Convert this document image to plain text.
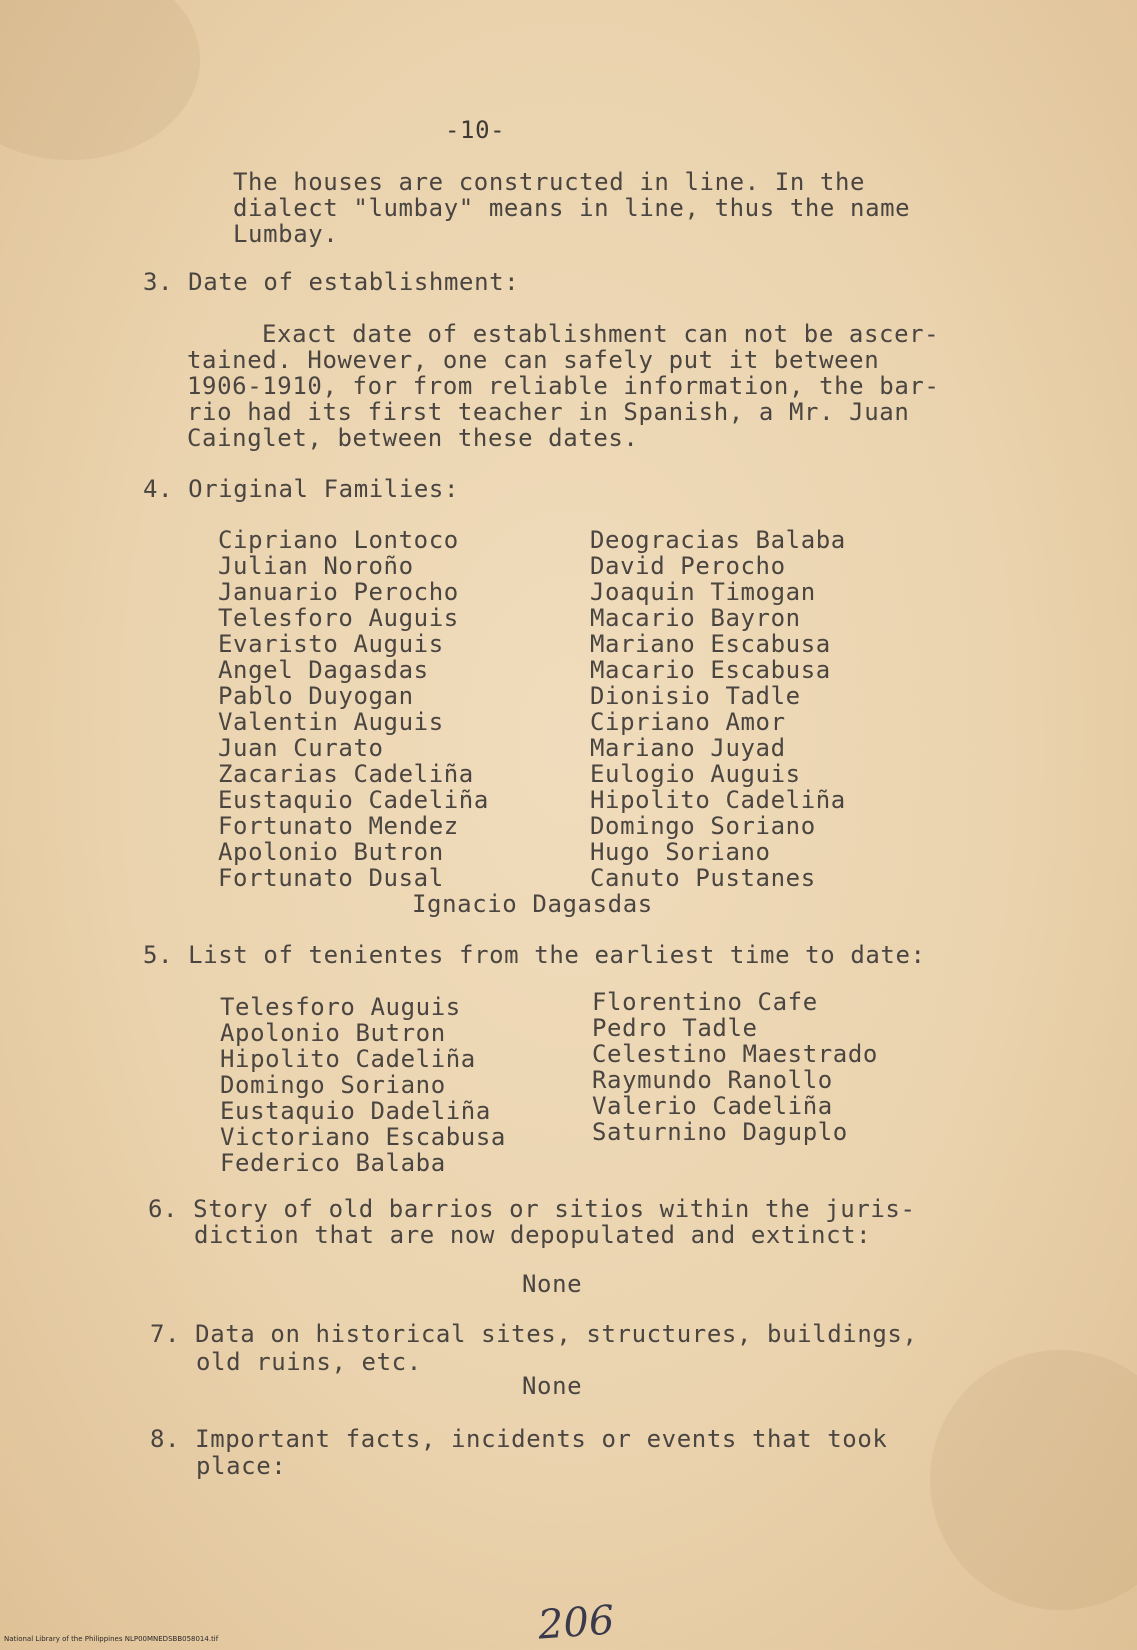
-10-
The houses are constructed in line. In the
dialect "lumbay" means in line, thus the name
Lumbay.
3. Date of establishment:
Exact date of establishment can not be ascer-
tained. However, one can safely put it between
1906-1910, for from reliable information, the bar-
rio had its first teacher in Spanish, a Mr. Juan
Cainglet, between these dates.
4. Original Families:
Cipriano Lontoco
Julian Noroño
Januario Perocho
Telesforo Auguis
Evaristo Auguis
Angel Dagasdas
Pablo Duyogan
Valentin Auguis
Juan Curato
Zacarias Cadeliña
Eustaquio Cadeliña
Fortunato Mendez
Apolonio Butron
Fortunato Dusal
Deogracias Balaba
David Perocho
Joaquin Timogan
Macario Bayron
Mariano Escabusa
Macario Escabusa
Dionisio Tadle
Cipriano Amor
Mariano Juyad
Eulogio Auguis
Hipolito Cadeliña
Domingo Soriano
Hugo Soriano
Canuto Pustanes
Ignacio Dagasdas
5. List of tenientes from the earliest time to date:
Telesforo Auguis
Apolonio Butron
Hipolito Cadeliña
Domingo Soriano
Eustaquio Dadeliña
Victoriano Escabusa
Federico Balaba
Florentino Cafe
Pedro Tadle
Celestino Maestrado
Raymundo Ranollo
Valerio Cadeliña
Saturnino Daguplo
6. Story of old barrios or sitios within the juris-
diction that are now depopulated and extinct:
None
7. Data on historical sites, structures, buildings,
old ruins, etc.
None
8. Important facts, incidents or events that took
place:
206
National Library of the Philippines NLP00MNEDSBB058014.tif
